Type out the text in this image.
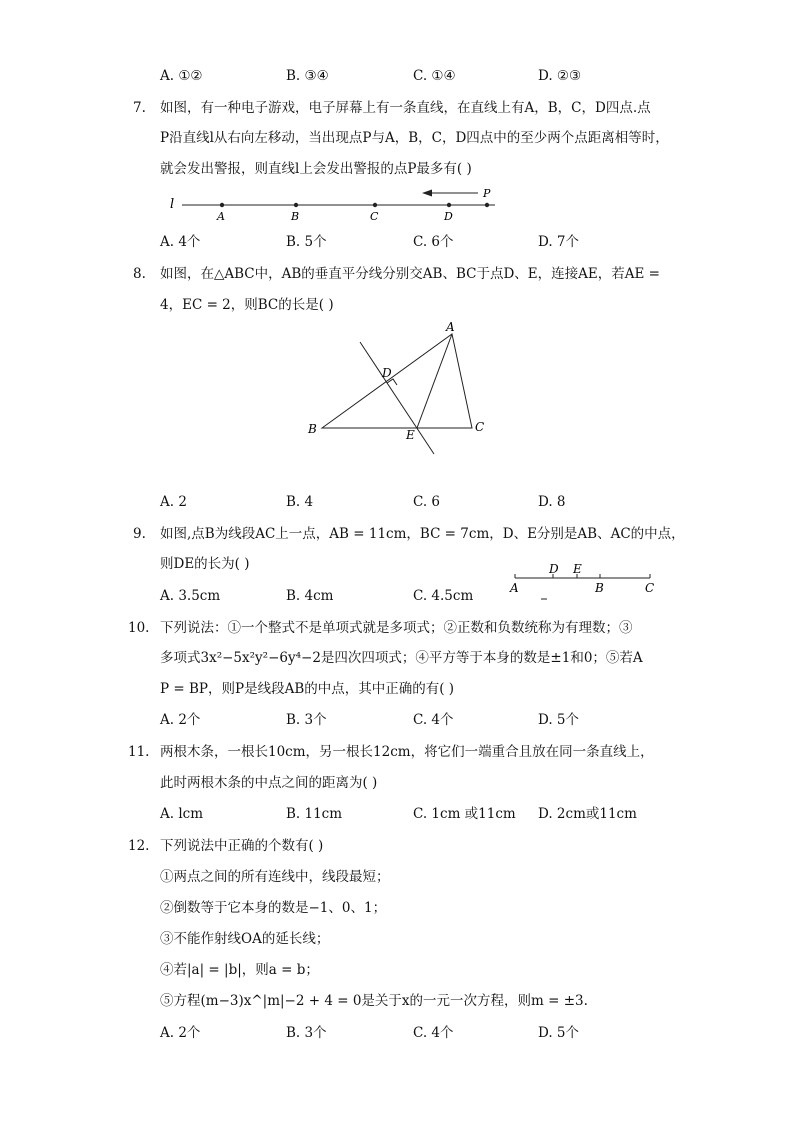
A. ①②	B. ③④	C. ①④	D. ②③
7. 如图，有一种电子游戏，电子屏幕上有一条直线，在直线上有A，B，C，D四点.点
P沿直线l从右向左移动，当出现点P与A，B，C，D四点中的至少两个点距离相等时，
就会发出警报，则直线l上会发出警报的点P最多有( )
l
A	B	C	D
P
A. 4个	B. 5个	C. 6个	D. 7个
8. 如图，在△ABC中，AB的垂直平分线分别交AB、BC于点D、E，连接AE，若AE =
4，EC = 2，则BC的长是( )
A
B	C
D
E
A. 2	B. 4	C. 6	D. 8
9. 如图,点B为线段AC上一点，AB = 11cm，BC = 7cm，D、E分别是AB、AC的中点，
则DE的长为( )
A. 3.5cm	B. 4cm	C. 4.5cm
D E
A	B	C
10. 下列说法：①一个整式不是单项式就是多项式；②正数和负数统称为有理数；③
多项式3x²−5x²y²−6y⁴−2是四次四项式；④平方等于本身的数是±1和0；⑤若A
P = BP，则P是线段AB的中点，其中正确的有( )
A. 2个	B. 3个	C. 4个	D. 5个
11. 两根木条，一根长10cm，另一根长12cm，将它们一端重合且放在同一条直线上，
此时两根木条的中点之间的距离为( )
A. lcm	B. 11cm	C. 1cm 或11cm D. 2cm或11cm
12. 下列说法中正确的个数有( )
①两点之间的所有连线中，线段最短；
②倒数等于它本身的数是−1、0、1；
③不能作射线OA的延长线；
④若|a| = |b|，则a = b；
⑤方程(m−3)x^|m|−2 + 4 = 0是关于x的一元一次方程，则m = ±3.
A. 2个	B. 3个	C. 4个	D. 5个
